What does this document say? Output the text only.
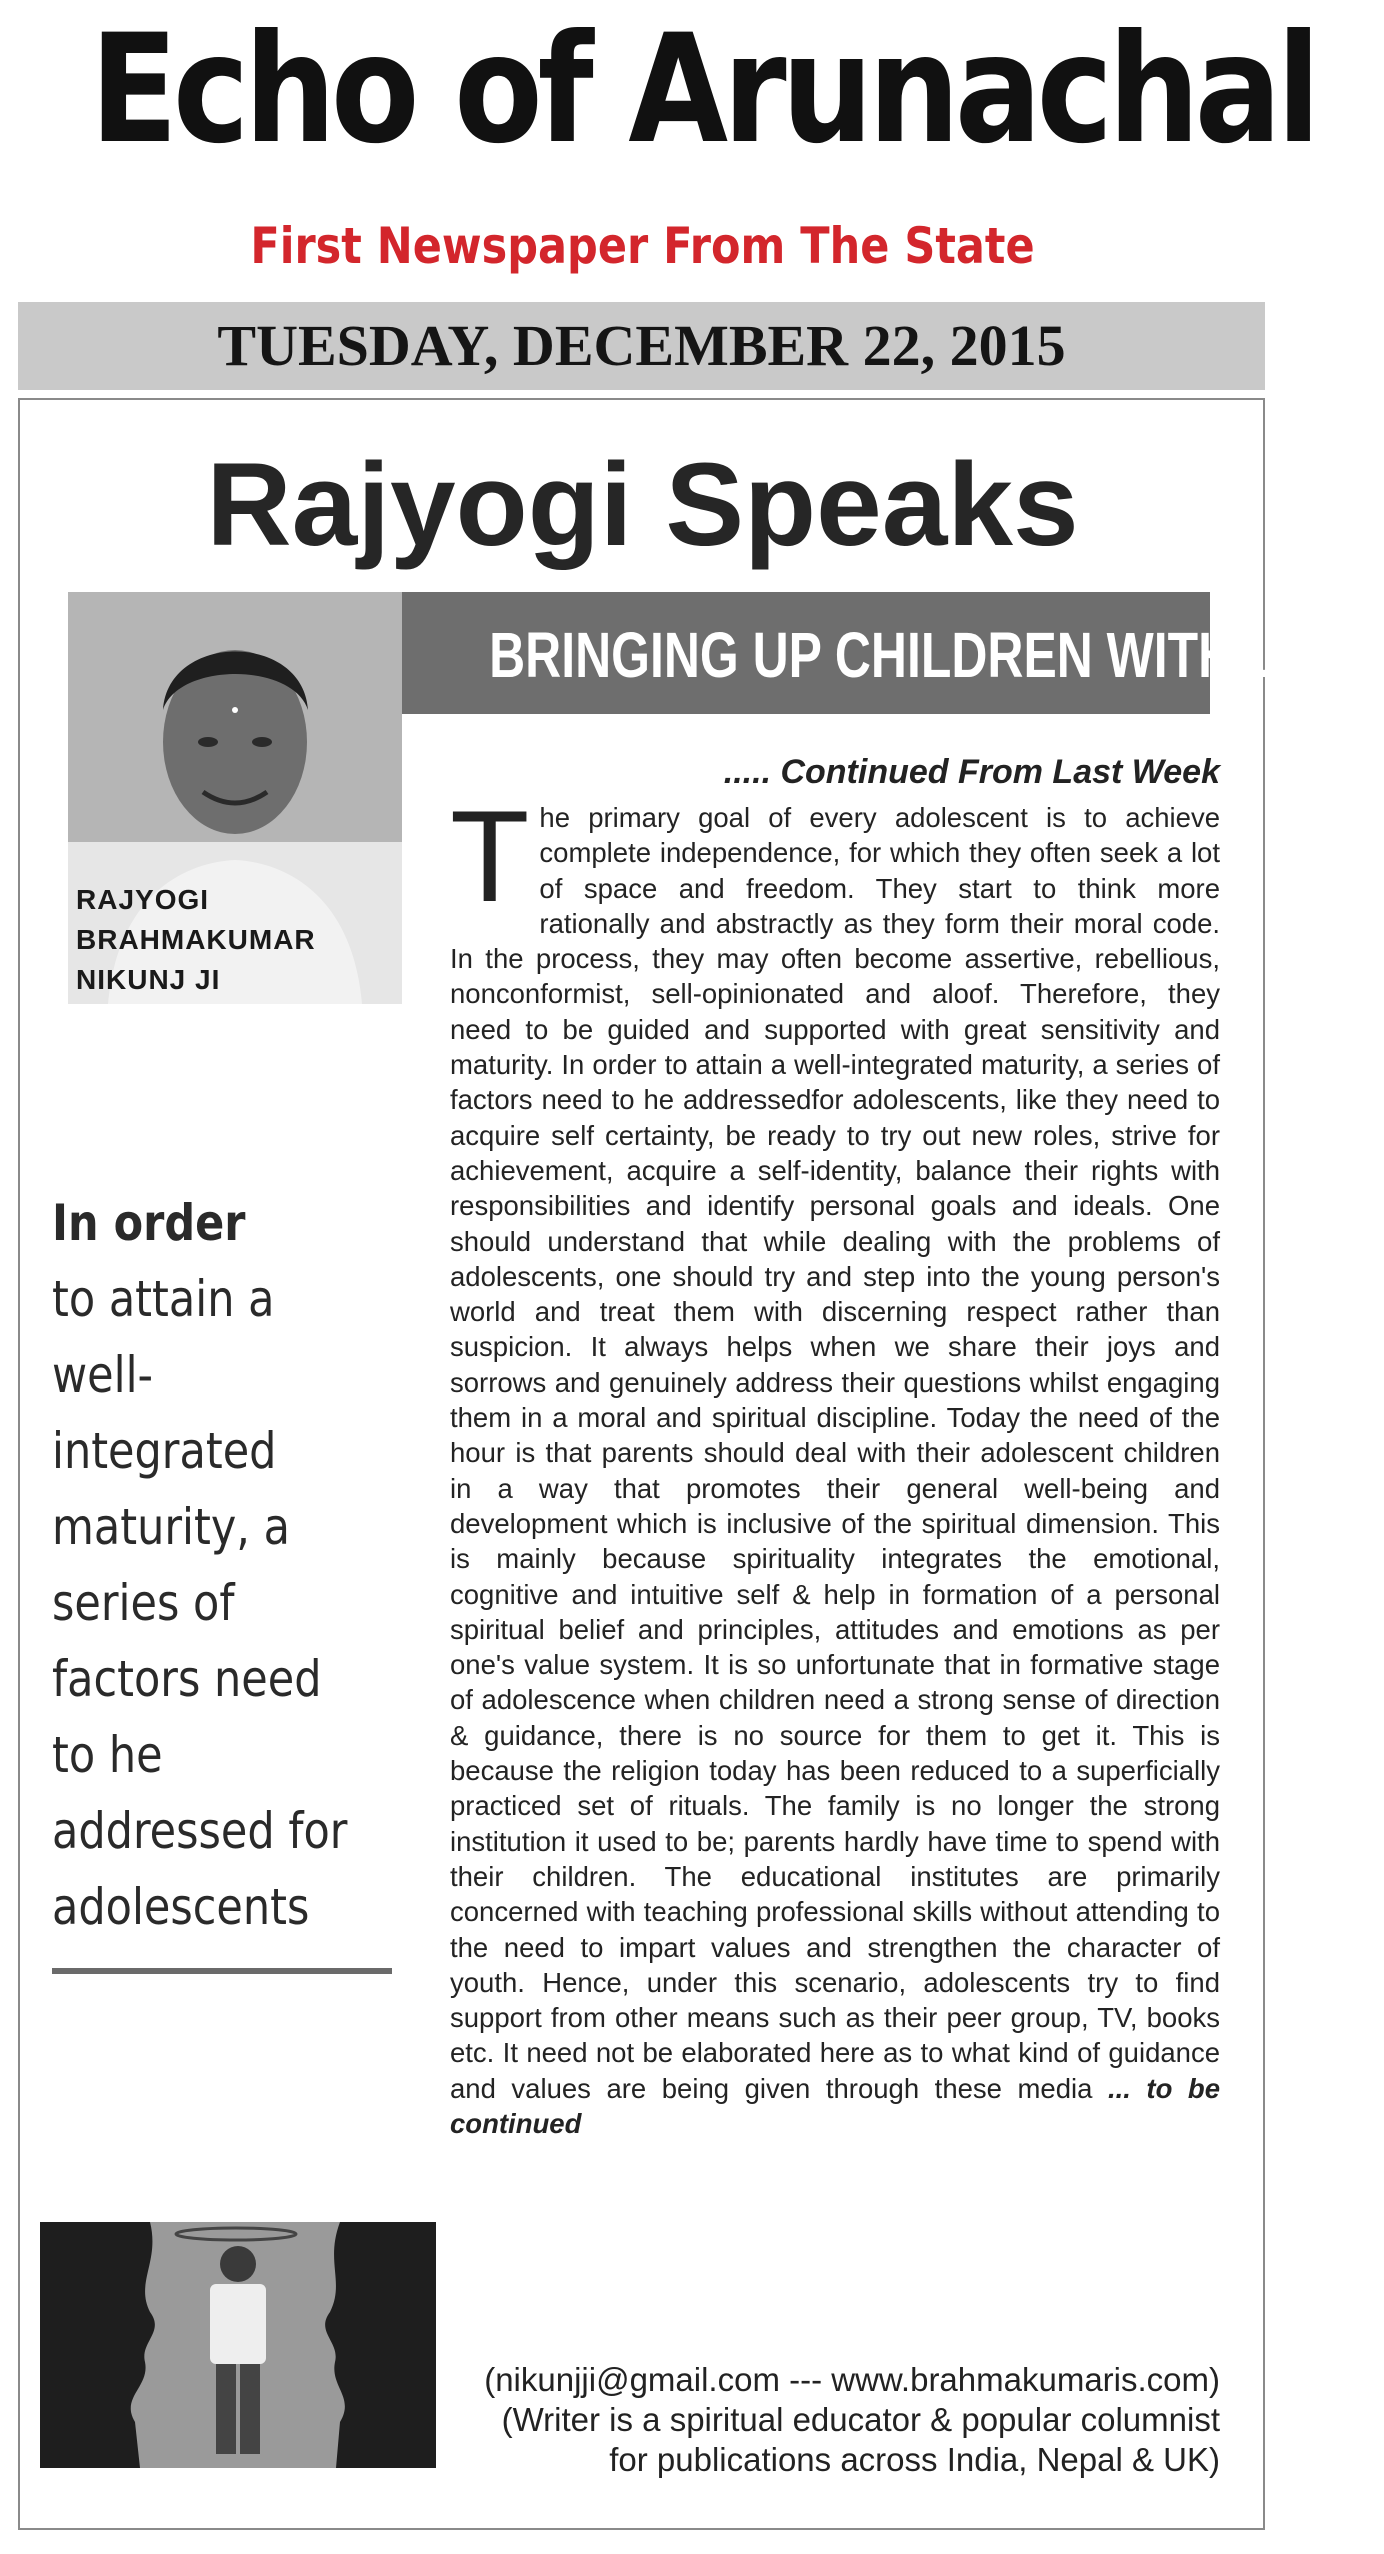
Echo of Arunachal
First Newspaper From The State
TUESDAY, DECEMBER 22, 2015
Rajyogi Speaks
BRINGING UP CHILDREN WITH LOVE
RAJYOGI
BRAHMAKUMAR
NIKUNJ JI
..... Continued From Last Week
The primary goal of every adolescent is to achieve complete independence, for which they often seek a lot of space and freedom. They start to think more rationally and abstractly as they form their moral code. In the process, they may often become assertive, rebellious, nonconformist, sell-opinionated and aloof. Therefore, they need to be guided and supported with great sensitivity and maturity. In order to attain a well-integrated maturity, a series of factors need to he addressedfor adolescents, like they need to acquire self certainty, be ready to try out new roles, strive for achievement, acquire a self-identity, balance their rights with responsibilities and identify personal goals and ideals. One should understand that while dealing with the problems of adolescents, one should try and step into the young person's world and treat them with discerning respect rather than suspicion. It always helps when we share their joys and sorrows and genuinely address their questions whilst engaging them in a moral and spiritual discipline. Today the need of the hour is that parents should deal with their adolescent children in a way that promotes their general well-being and development which is inclusive of the spiritual dimension. This is mainly because spirituality integrates the emotional, cognitive and intuitive self & help in formation of a personal spiritual belief and principles, attitudes and emotions as per one's value system. It is so unfortunate that in formative stage of adolescence when children need a strong sense of direction & guidance, there is no source for them to get it. This is because the religion today has been reduced to a superficially practiced set of rituals. The family is no longer the strong institution it used to be; parents hardly have time to spend with their children. The educational institutes are primarily concerned with teaching professional skills without attending to the need to impart values and strengthen the character of youth. Hence, under this scenario, adolescents try to find support from other means such as their peer group, TV, books etc. It need not be elaborated here as to what kind of guidance and values are being given through these media ... to be continued
(nikunjji@gmail.com --- www.brahmakumaris.com)
(Writer is a spiritual educator & popular columnist
for publications across India, Nepal & UK)
In order
to attain a well-integrated maturity, a series of factors need to he addressed for adolescents
